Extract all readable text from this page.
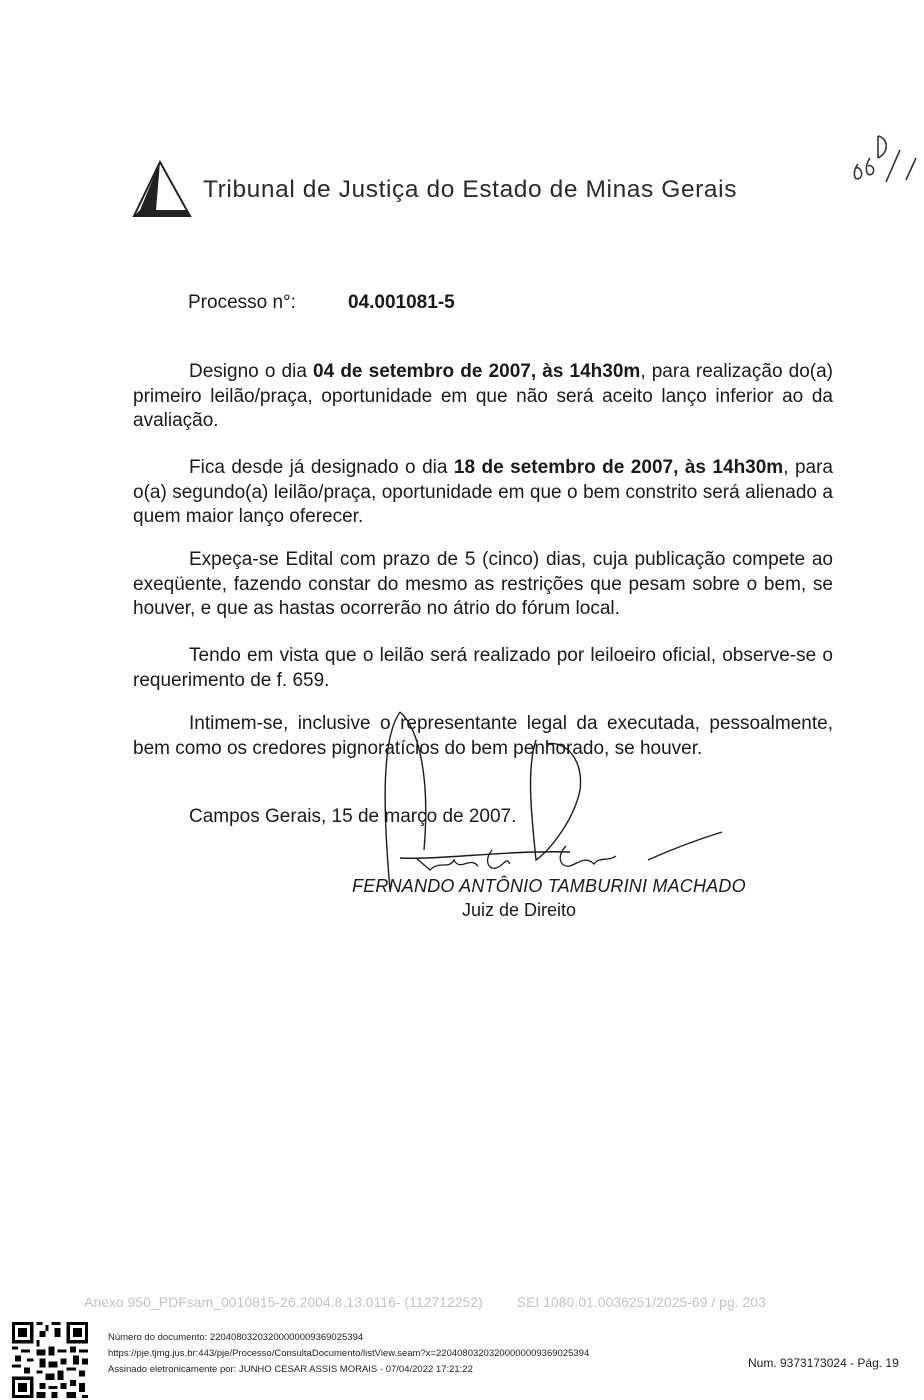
Tribunal de Justiça do Estado de Minas Gerais
Processo n°:	04.001081-5
Designo o dia 04 de setembro de 2007, às 14h30m, para realização do(a) primeiro leilão/praça, oportunidade em que não será aceito lanço inferior ao da avaliação.
Fica desde já designado o dia 18 de setembro de 2007, às 14h30m, para o(a) segundo(a) leilão/praça, oportunidade em que o bem constrito será alienado a quem maior lanço oferecer.
Expeça-se Edital com prazo de 5 (cinco) dias, cuja publicação compete ao exeqüente, fazendo constar do mesmo as restrições que pesam sobre o bem, se houver, e que as hastas ocorrerão no átrio do fórum local.
Tendo em vista que o leilão será realizado por leiloeiro oficial, observe-se o requerimento de f. 659.
Intimem-se, inclusive o representante legal da executada, pessoalmente, bem como os credores pignoratícios do bem penhorado, se houver.
Campos Gerais, 15 de março de 2007.
FERNANDO ANTÔNIO TAMBURINI MACHADO
Juiz de Direito
Anexo 950_PDFsam_0010815-26.2004.8.13.0116- (112712252) SEI 1080.01.0036251/2025-69 / pg. 203
Número do documento: 22040803203200000009369025394
https://pje.tjmg.jus.br:443/pje/Processo/ConsultaDocumento/listView.seam?x=22040803203200000009369025394
Assinado eletronicamente por: JUNHO CESAR ASSIS MORAIS - 07/04/2022 17:21:22	Num. 9373173024 - Pág. 19
